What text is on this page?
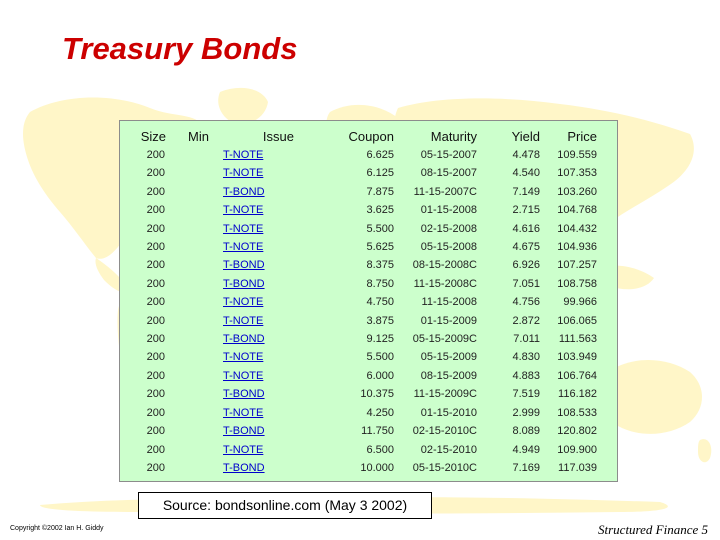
Treasury Bonds
Size	Min	Issue	Coupon	Maturity	Yield	Price	
200		T-NOTE	6.625	05-15-2007	4.478	109.559	
200		T-NOTE	6.125	08-15-2007	4.540	107.353	
200		T-BOND	7.875	11-15-2007C	7.149	103.260	
200		T-NOTE	3.625	01-15-2008	2.715	104.768	
200		T-NOTE	5.500	02-15-2008	4.616	104.432	
200		T-NOTE	5.625	05-15-2008	4.675	104.936	
200		T-BOND	8.375	08-15-2008C	6.926	107.257	
200		T-BOND	8.750	11-15-2008C	7.051	108.758	
200		T-NOTE	4.750	11-15-2008	4.756	99.966	
200		T-NOTE	3.875	01-15-2009	2.872	106.065	
200		T-BOND	9.125	05-15-2009C	7.011	111.563	
200		T-NOTE	5.500	05-15-2009	4.830	103.949	
200		T-NOTE	6.000	08-15-2009	4.883	106.764	
200		T-BOND	10.375	11-15-2009C	7.519	116.182	
200		T-NOTE	4.250	01-15-2010	2.999	108.533	
200		T-BOND	11.750	02-15-2010C	8.089	120.802	
200		T-NOTE	6.500	02-15-2010	4.949	109.900	
200		T-BOND	10.000	05-15-2010C	7.169	117.039	
Source: bondsonline.com (May 3 2002)
Copyright ©2002 Ian H. Giddy	Structured Finance 5
